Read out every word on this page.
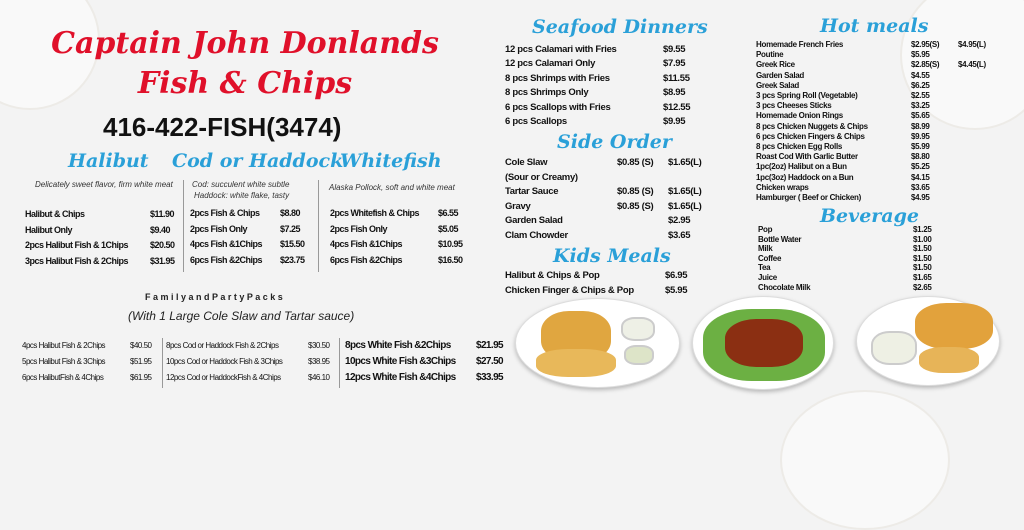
Captain John Donlands
Fish & Chips
416-422-FISH(3474)
Halibut Cod or Haddock
Whitefish
Delicately sweet flavor, firm white meat Cod: succulent white subtle
Haddock: white flake, tasty
Alaska Pollock, soft and white meat
F a m i l y a n d P a r t y P a c k s
(With 1 Large Cole Slaw and Tartar sauce)
Seafood Dinners
Side Order
Kids Meals
Hot meals
Beverage
Halibut & Chips	$11.90
Halibut Only	$9.40
2pcs Halibut Fish & 1Chips $20.50
3pcs Halibut Fish & 2Chips $31.95
2pcs Fish & Chips $8.80
2pcs Fish Only	$7.25
4pcs Fish &1Chips $15.50
6pcs Fish &2Chips $23.75
2pcs Whitefish & Chips $6.55
2pcs Fish Only	$5.05
4pcs Fish &1Chips	$10.95
6pcs Fish &2Chips	$16.50
4pcs Halibut Fish & 2Chips	$40.50
5pcs Halibut Fish & 3Chips	$51.95
6pcs HalibutFish & 4Chips	$61.95
8pcs Cod or Haddock Fish & 2Chips	$30.50
10pcs Cod or Haddock Fish & 3Chips	$38.95
12pcs Cod or HaddockFish & 4Chips	$46.10
8pcs White Fish &2Chips	$21.95
10pcs White Fish &3Chips $27.50
12pcs White Fish &4Chips $33.95
12 pcs Calamari with Fries	$9.55
12 pcs Calamari Only	$7.95
8 pcs Shrimps with Fries	$11.55
8 pcs Shrimps Only	$8.95
6 pcs Scallops with Fries	$12.55
6 pcs Scallops	$9.95
Cole Slaw	$0.85 (S) $1.65(L)
(Sour or Creamy)
Tartar Sauce	$0.85 (S) $1.65(L)
Gravy	$0.85 (S) $1.65(L)
Garden Salad	$2.95
Clam Chowder	$3.65
Halibut & Chips & Pop	$6.95
Chicken Finger & Chips & Pop	$5.95
Homemade French Fries	$2.95(S) $4.95(L)
Poutine	$5.95
Greek Rice	$2.85(S) $4.45(L)
Garden Salad	$4.55
Greek Salad	$6.25
3 pcs Spring Roll (Vegetable)	$2.55
3 pcs Cheeses Sticks	$3.25
Homemade Onion Rings	$5.65
8 pcs Chicken Nuggets & Chips	$8.99
6 pcs Chicken Fingers & Chips	$9.95
8 pcs Chicken Egg Rolls	$5.99
Roast Cod With Garlic Butter	$8.80
1pc(2oz) Halibut on a Bun	$5.25
1pc(3oz) Haddock on a Bun	$4.15
Chicken wraps	$3.65
Hamburger ( Beef or Chicken)	$4.95
Pop	$1.25
Bottle Water	$1.00
Milk	$1.50
Coffee	$1.50
Tea	$1.50
Juice	$1.65
Chocolate Milk	$2.65
